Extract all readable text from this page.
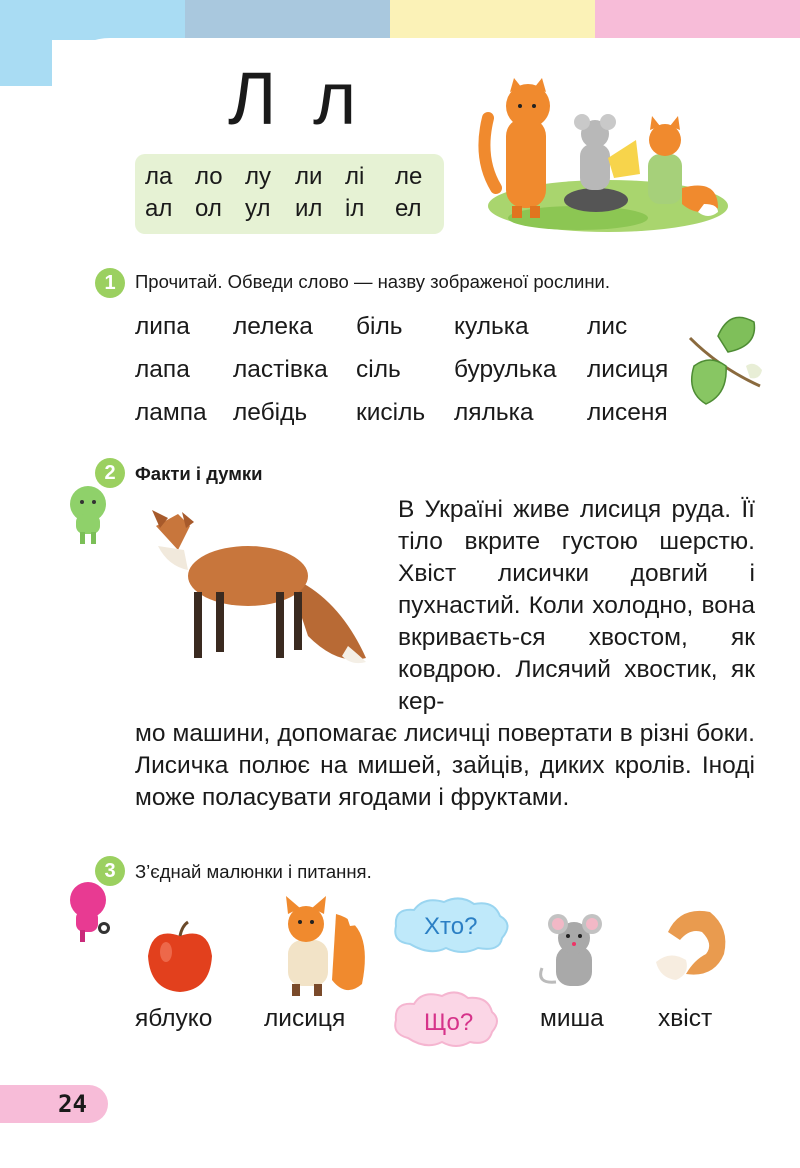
Л л
ла ло лу ли лі	ле
ал ол ул	ил іл	ел
1	Прочитай. Обведи слово — назву зображеної рослини.
липа лелека біль кулька лис
лапа ластівка сіль бурулька лисиця
лампа лебідь кисіль лялька лисеня
2	Факти і думки
В Україні живе лисиця руда. Її тіло вкрите густою шерстю. Хвіст лисички довгий і пухнастий. Коли холодно, вона вкриваєть-ся хвостом, як ковдрою. Лисячий хвостик, як кер-
мо машини, допомагає лисичці повертати в різні боки. Лисичка полює на мишей, зайців, диких кролів. Іноді може поласувати ягодами і фруктами.
3	З’єднай малюнки і питання.
Хто?
Що?
яблуко лисиця	миша хвіст
24
